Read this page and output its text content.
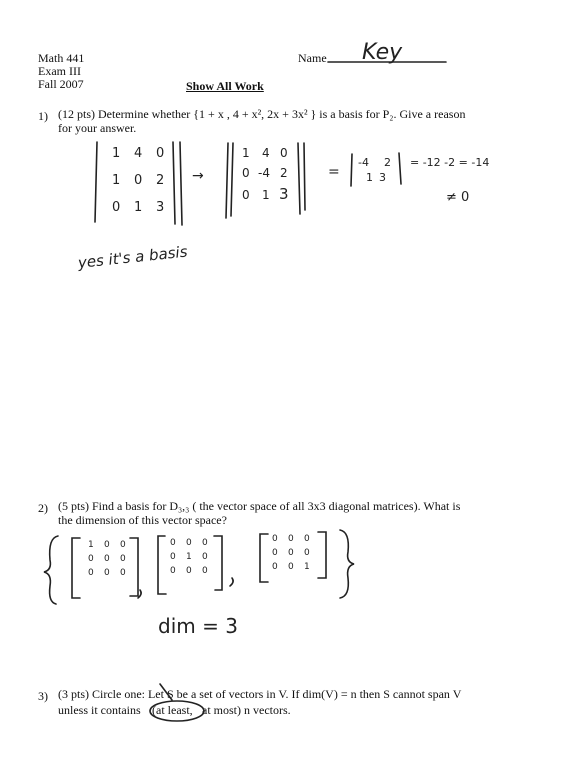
Math 441
Exam III
Fall 2007
Name Key
Show All Work
1) (12 pts) Determine whether {1 + x , 4 + x², 2x + 3x² } is a basis for P₂. Give a reason
for your answer.
1 4 0
1 0 2
0 1 3
→
1 4 0
0 -4 2
0 1 3
=
-4 2
1 3
= -12 -2 = -14
≠ 0
yes it's a basis
2) (5 pts) Find a basis for D₃,₃ ( the vector space of all 3x3 diagonal matrices). What is
the dimension of this vector space?
1 0 0
0 0 0
0 0 0
0 0 0
0 1 0
0 0 0
0 0 0
0 0 0
0 0 1
dim = 3
3) (3 pts) Circle one: Let S be a set of vectors in V. If dim(V) = n then S cannot span V
unless it contains (at least, at most) n vectors.
